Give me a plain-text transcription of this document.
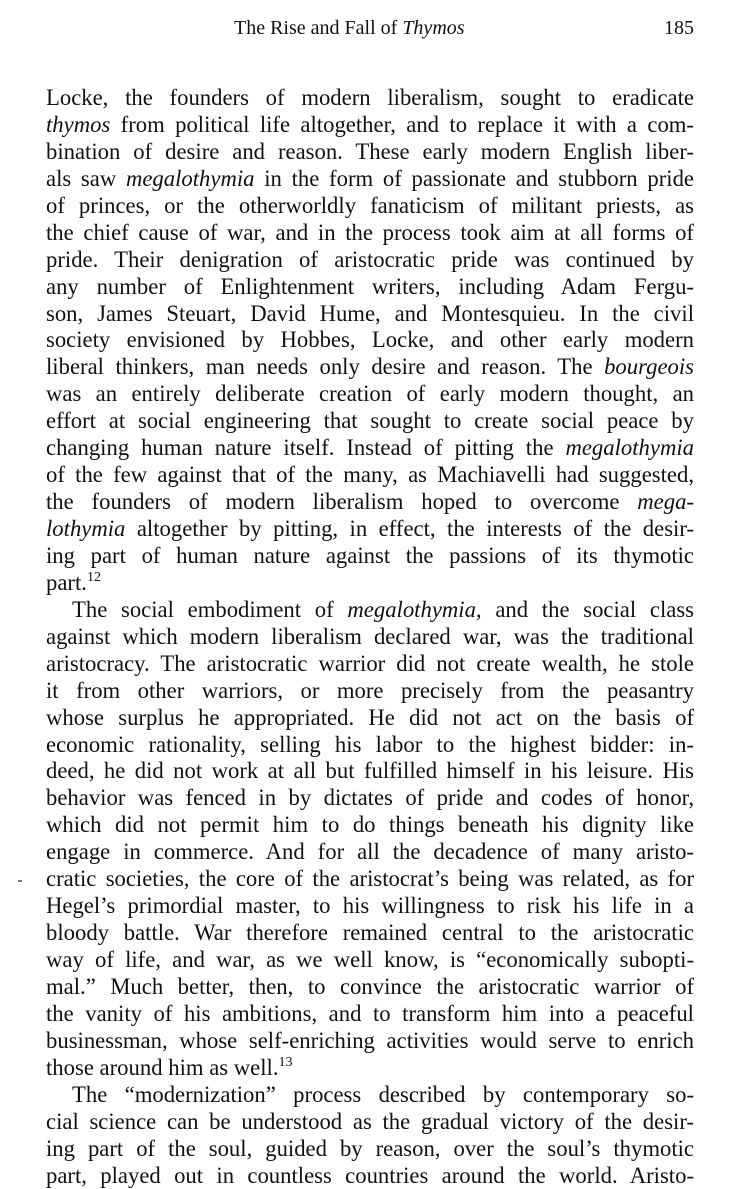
The Rise and Fall of Thymos	185
Locke, the founders of modern liberalism, sought to eradicate
thymos from political life altogether, and to replace it with a com-
bination of desire and reason. These early modern English liber-
als saw megalothymia in the form of passionate and stubborn pride
of princes, or the otherworldly fanaticism of militant priests, as
the chief cause of war, and in the process took aim at all forms of
pride. Their denigration of aristocratic pride was continued by
any number of Enlightenment writers, including Adam Fergu-
son, James Steuart, David Hume, and Montesquieu. In the civil
society envisioned by Hobbes, Locke, and other early modern
liberal thinkers, man needs only desire and reason. The bourgeois
was an entirely deliberate creation of early modern thought, an
effort at social engineering that sought to create social peace by
changing human nature itself. Instead of pitting the megalothymia
of the few against that of the many, as Machiavelli had suggested,
the founders of modern liberalism hoped to overcome mega-
lothymia altogether by pitting, in effect, the interests of the desir-
ing part of human nature against the passions of its thymotic
part.$^{12}$
The social embodiment of megalothymia, and the social class
against which modern liberalism declared war, was the traditional
aristocracy. The aristocratic warrior did not create wealth, he stole
it from other warriors, or more precisely from the peasantry
whose surplus he appropriated. He did not act on the basis of
economic rationality, selling his labor to the highest bidder: in-
deed, he did not work at all but fulfilled himself in his leisure. His
behavior was fenced in by dictates of pride and codes of honor,
which did not permit him to do things beneath his dignity like
engage in commerce. And for all the decadence of many aristo-
cratic societies, the core of the aristocrat’s being was related, as for
Hegel’s primordial master, to his willingness to risk his life in a
bloody battle. War therefore remained central to the aristocratic
way of life, and war, as we well know, is “economically subopti-
mal.” Much better, then, to convince the aristocratic warrior of
the vanity of his ambitions, and to transform him into a peaceful
businessman, whose self-enriching activities would serve to enrich
those around him as well.$^{13}$
The “modernization” process described by contemporary so-
cial science can be understood as the gradual victory of the desir-
ing part of the soul, guided by reason, over the soul’s thymotic
part, played out in countless countries around the world. Aristo-
